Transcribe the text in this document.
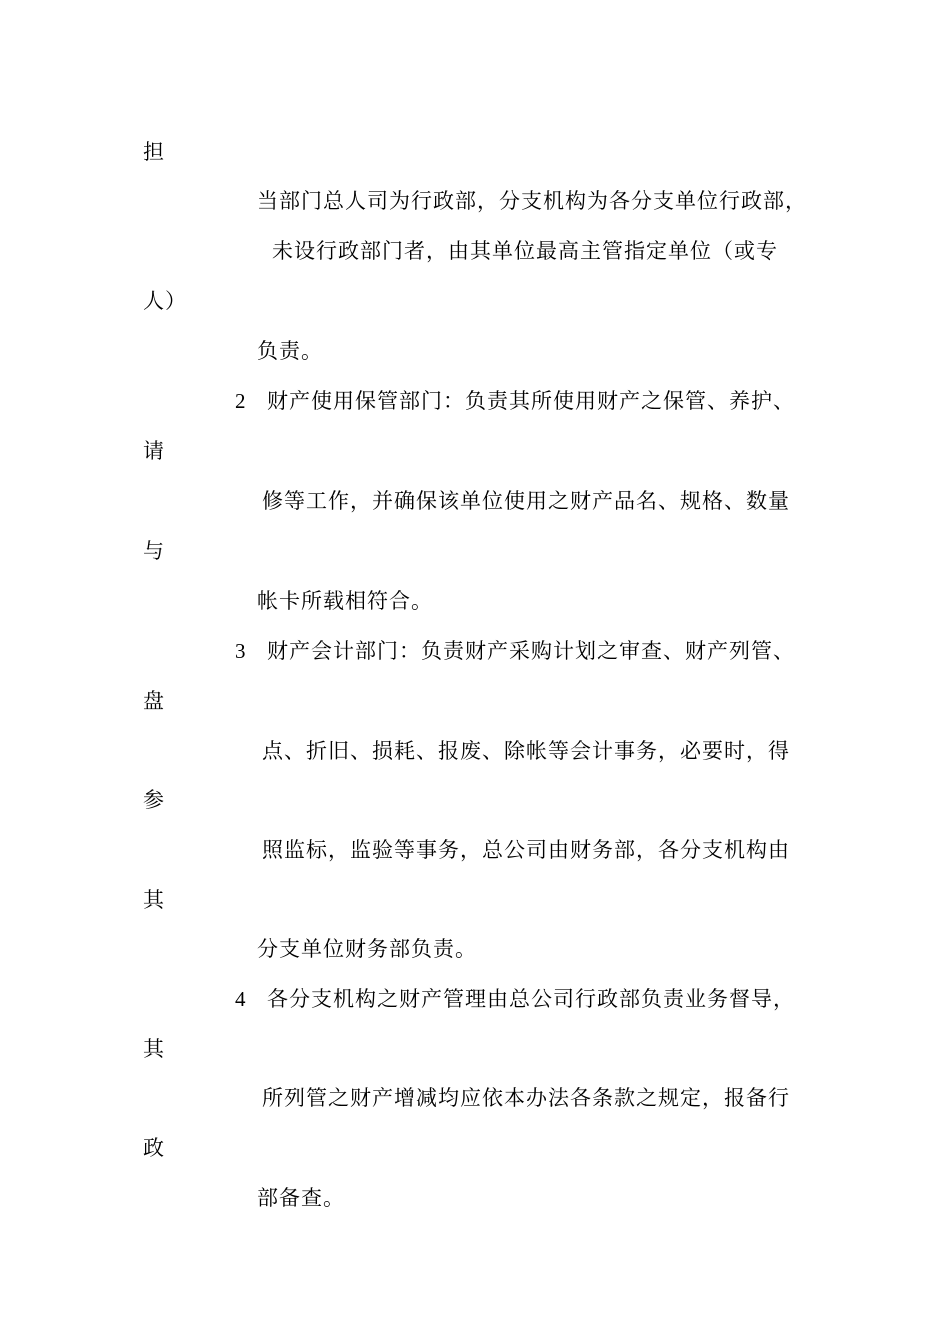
担
当部门总人司为行政部，分支机构为各分支单位行政部，
未设行政部门者，由其单位最高主管指定单位（或专
人）
负责。
2 财产使用保管部门：负责其所使用财产之保管、养护、
请
修等工作，并确保该单位使用之财产品名、规格、数量
与
帐卡所载相符合。
3 财产会计部门：负责财产采购计划之审查、财产列管、
盘
点、折旧、损耗、报废、除帐等会计事务，必要时，得
参
照监标，监验等事务，总公司由财务部，各分支机构由
其
分支单位财务部负责。
4 各分支机构之财产管理由总公司行政部负责业务督导，
其
所列管之财产增减均应依本办法各条款之规定，报备行
政
部备查。
